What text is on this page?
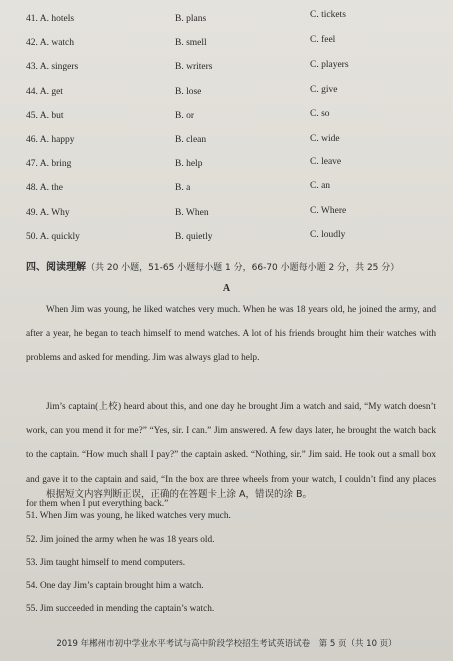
41. A. hotels	B. plans	C. tickets
42. A. watch	B. smell	C. feel
43. A. singers	B. writers	C. players
44. A. get	B. lose	C. give
45. A. but	B. or	C. so
46. A. happy	B. clean	C. wide
47. A. bring	B. help	C. leave
48. A. the	B. a	C. an
49. A. Why	B. When	C. Where
50. A. quickly	B. quietly	C. loudly
四、阅读理解（共 20 小题，51-65 小题每小题 1 分，66-70 小题每小题 2 分，共 25 分）
A

When Jim was young, he liked watches very much. When he was 18 years old, he joined the army, and after a year, he began to teach himself to mend watches. A lot of his friends brought him their watches with problems and asked for mending. Jim was always glad to help.

Jim’s captain(上校) heard about this, and one day he brought Jim a watch and said, “My watch doesn’t work, can you mend it for me?” “Yes, sir. I can.” Jim answered. A few days later, he brought the watch back to the captain. “How much shall I pay?” the captain asked. “Nothing, sir.” Jim said. He took out a small box and gave it to the captain and said, “In the box are three wheels from your watch, I couldn’t find any places for them when I put everything back.”

根据短文内容判断正误，正确的在答题卡上涂 A，错误的涂 B。
51. When Jim was young, he liked watches very much.
52. Jim joined the army when he was 18 years old.
53. Jim taught himself to mend computers.
54. One day Jim’s captain brought him a watch.
55. Jim succeeded in mending the captain’s watch.
2019 年郴州市初中学业水平考试与高中阶段学校招生考试英语试卷　第 5 页（共 10 页）
